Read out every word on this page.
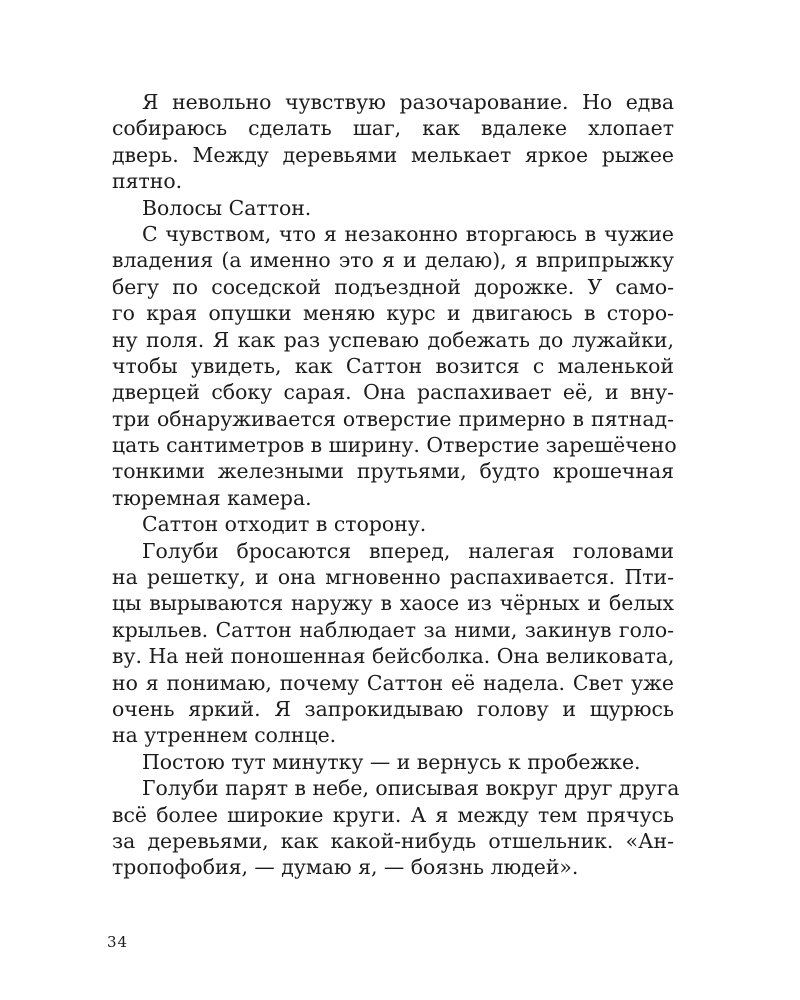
Я невольно чувствую разочарование. Но едва
собираюсь сделать шаг, как вдалеке хлопает
дверь. Между деревьями мелькает яркое рыжее
пятно.
Волосы Саттон.
С чувством, что я незаконно вторгаюсь в чужие
владения (а именно это я и делаю), я вприпрыжку
бегу по соседской подъездной дорожке. У само-
го края опушки меняю курс и двигаюсь в сторо-
ну поля. Я как раз успеваю добежать до лужайки,
чтобы увидеть, как Саттон возится с маленькой
дверцей сбоку сарая. Она распахивает её, и вну-
три обнаруживается отверстие примерно в пятнад-
цать сантиметров в ширину. Отверстие зарешёчено
тонкими железными прутьями, будто крошечная
тюремная камера.
Саттон отходит в сторону.
Голуби бросаются вперед, налегая головами
на решетку, и она мгновенно распахивается. Пти-
цы вырываются наружу в хаосе из чёрных и белых
крыльев. Саттон наблюдает за ними, закинув голо-
ву. На ней поношенная бейсболка. Она великовата,
но я понимаю, почему Саттон её надела. Свет уже
очень яркий. Я запрокидываю голову и щурюсь
на утреннем солнце.
Постою тут минутку — и вернусь к пробежке.
Голуби парят в небе, описывая вокруг друг друга
всё более широкие круги. А я между тем прячусь
за деревьями, как какой-нибудь отшельник. «Ан-
тропофобия, — думаю я, — боязнь людей».
34
